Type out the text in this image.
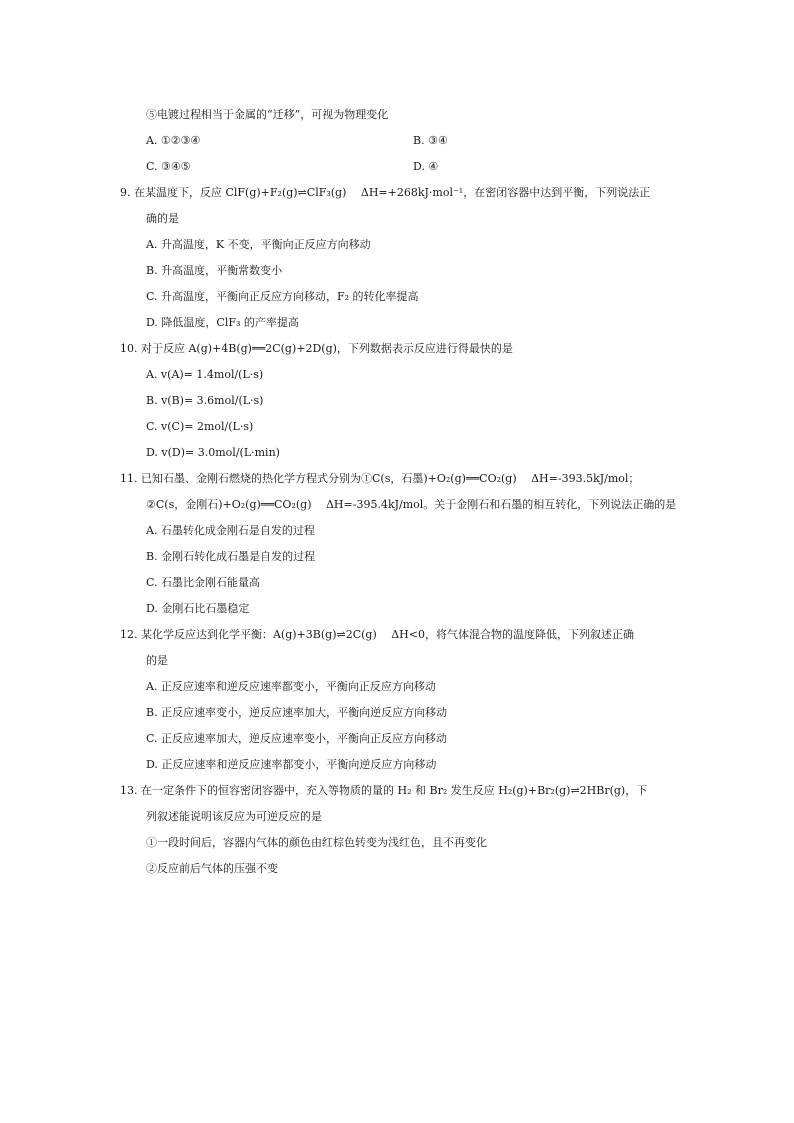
⑤电镀过程相当于金属的“迁移”，可视为物理变化
A. ①②③④	B. ③④
C. ③④⑤	D. ④
9. 在某温度下，反应 ClF(g)+F₂(g)⇌ClF₃(g)　 ΔH=+268kJ·mol⁻¹，在密闭容器中达到平衡，下列说法正
确的是
A. 升高温度，K 不变，平衡向正反应方向移动
B. 升高温度，平衡常数变小
C. 升高温度，平衡向正反应方向移动，F₂ 的转化率提高
D. 降低温度，ClF₃ 的产率提高
10. 对于反应 A(g)+4B(g)══2C(g)+2D(g)，下列数据表示反应进行得最快的是
A. v(A)= 1.4mol/(L·s)
B. v(B)= 3.6mol/(L·s)
C. v(C)= 2mol/(L·s)
D. v(D)= 3.0mol/(L·min)
11. 已知石墨、金刚石燃烧的热化学方程式分别为①C(s，石墨)+O₂(g)══CO₂(g)　 ΔH=-393.5kJ/mol；
②C(s，金刚石)+O₂(g)══CO₂(g)　 ΔH=-395.4kJ/mol。关于金刚石和石墨的相互转化，下列说法正确的是
A. 石墨转化成金刚石是自发的过程
B. 金刚石转化成石墨是自发的过程
C. 石墨比金刚石能量高
D. 金刚石比石墨稳定
12. 某化学反应达到化学平衡：A(g)+3B(g)⇌2C(g)　 ΔH<0，将气体混合物的温度降低，下列叙述正确
的是
A. 正反应速率和逆反应速率都变小，平衡向正反应方向移动
B. 正反应速率变小，逆反应速率加大，平衡向逆反应方向移动
C. 正反应速率加大，逆反应速率变小，平衡向正反应方向移动
D. 正反应速率和逆反应速率都变小，平衡向逆反应方向移动
13. 在一定条件下的恒容密闭容器中，充入等物质的量的 H₂ 和 Br₂ 发生反应 H₂(g)+Br₂(g)⇌2HBr(g)，下
列叙述能说明该反应为可逆反应的是
①一段时间后，容器内气体的颜色由红棕色转变为浅红色，且不再变化
②反应前后气体的压强不变
